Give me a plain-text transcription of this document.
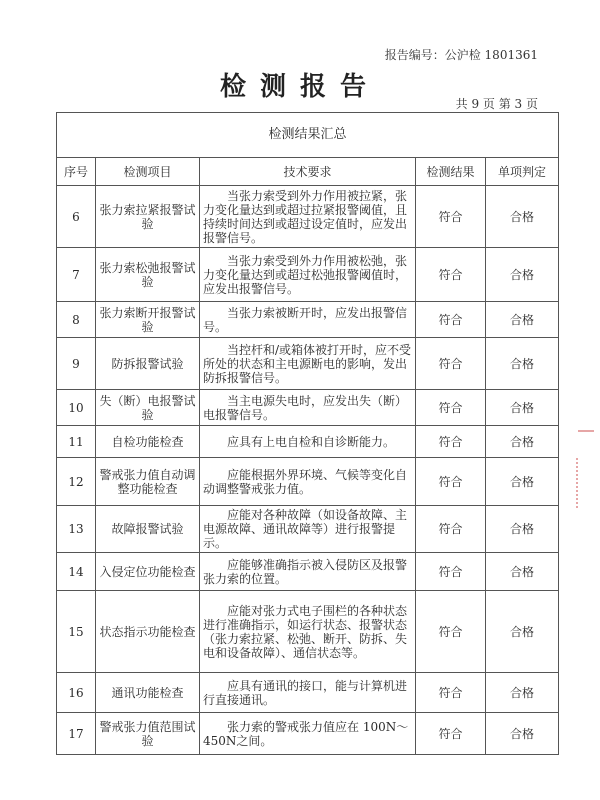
报告编号：公沪检 1801361
检测报告
共 9 页 第 3 页
检测结果汇总				
序号	检测项目	技术要求	检测结果	单项判定
6	张力索拉紧报警试验	当张力索受到外力作用被拉紧，张力变化量达到或超过拉紧报警阈值，且持续时间达到或超过设定值时，应发出报警信号。	符合	合格
7	张力索松弛报警试验	当张力索受到外力作用被松弛，张力变化量达到或超过松弛报警阈值时，应发出报警信号。	符合	合格
8	张力索断开报警试验	当张力索被断开时，应发出报警信号。	符合	合格
9	防拆报警试验	当控杆和/或箱体被打开时，应不受所处的状态和主电源断电的影响，发出防拆报警信号。	符合	合格
10	失（断）电报警试验	当主电源失电时，应发出失（断）电报警信号。	符合	合格
11	自检功能检查	应具有上电自检和自诊断能力。	符合	合格
12	警戒张力值自动调整功能检查	应能根据外界环境、气候等变化自动调整警戒张力值。	符合	合格
13	故障报警试验	应能对各种故障（如设备故障、主电源故障、通讯故障等）进行报警提示。	符合	合格
14	入侵定位功能检查	应能够准确指示被入侵防区及报警张力索的位置。	符合	合格
15	状态指示功能检查	应能对张力式电子围栏的各种状态进行准确指示，如运行状态、报警状态（张力索拉紧、松弛、断开、防拆、失电和设备故障）、通信状态等。	符合	合格
16	通讯功能检查	应具有通讯的接口，能与计算机进行直接通讯。	符合	合格
17	警戒张力值范围试验	张力索的警戒张力值应在 100N～450N之间。	符合	合格
